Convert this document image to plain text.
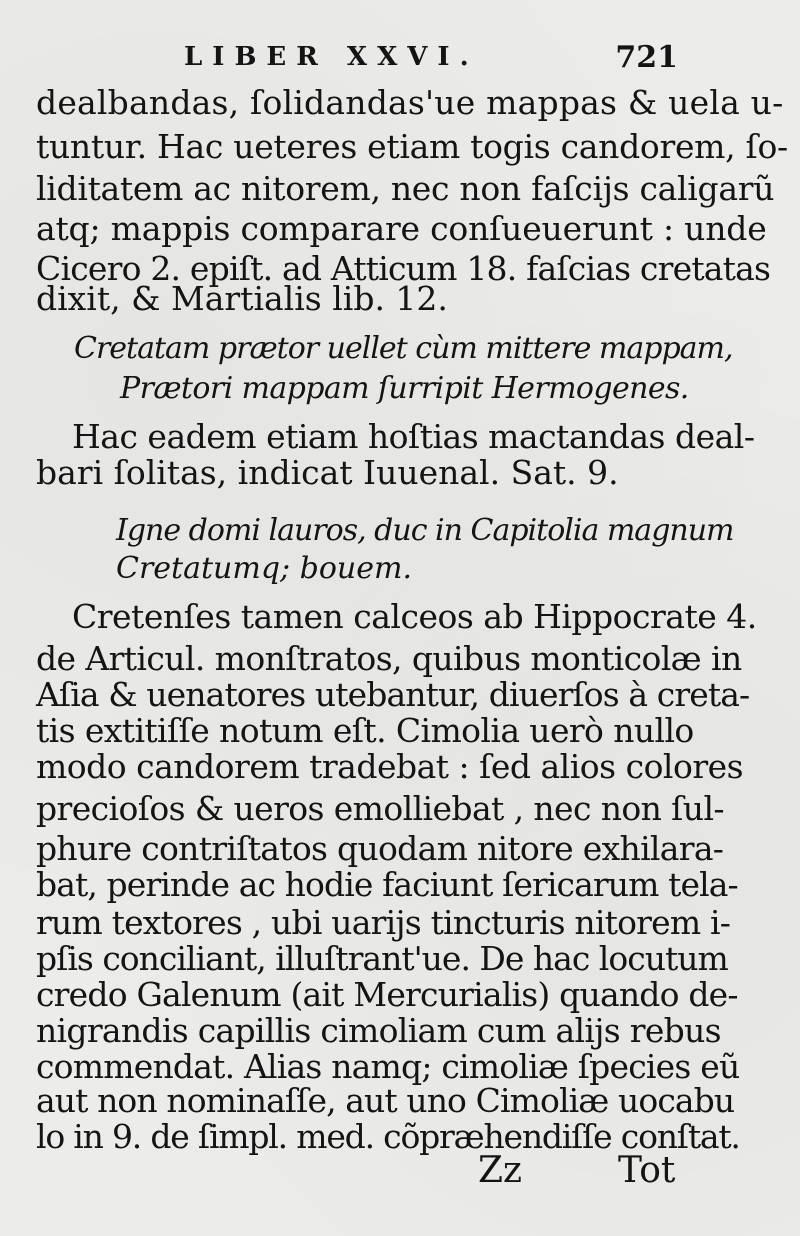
LIBER XXVI.	721
dealbandas, ſolidandas'ue mappas & uela u-
tuntur. Hac ueteres etiam togis candorem, ſo-
liditatem ac nitorem, nec non faſcijs caligarũ
atq; mappis comparare conſueuerunt : unde
Cicero 2. epiſt. ad Atticum 18. faſcias cretatas
dixit, & Martialis lib. 12.
Cretatam prætor uellet cùm mittere mappam,
Prætori mappam ſurripit Hermogenes.
Hac eadem etiam hoſtias mactandas deal-
bari ſolitas, indicat Iuuenal. Sat. 9.
Igne domi lauros, duc in Capitolia magnum
Cretatumq; bouem.
Cretenſes tamen calceos ab Hippocrate 4.
de Articul. monſtratos, quibus monticolæ in
Aſia & uenatores utebantur, diuerſos à creta-
tis extitiſſe notum eſt. Cimolia uerò nullo
modo candorem tradebat : ſed alios colores
precioſos & ueros emolliebat , nec non ſul-
phure contriſtatos quodam nitore exhilara-
bat, perinde ac hodie faciunt ſericarum tela-
rum textores , ubi uarijs tincturis nitorem i-
pſis conciliant, illuſtrant'ue. De hac locutum
credo Galenum (ait Mercurialis) quando de-
nigrandis capillis cimoliam cum alijs rebus
commendat. Alias namq; cimoliæ ſpecies eũ
aut non nominaſſe, aut uno Cimoliæ uocabu
lo in 9. de ſimpl. med. cõpræhendiſſe conſtat.
Zz	Tot
